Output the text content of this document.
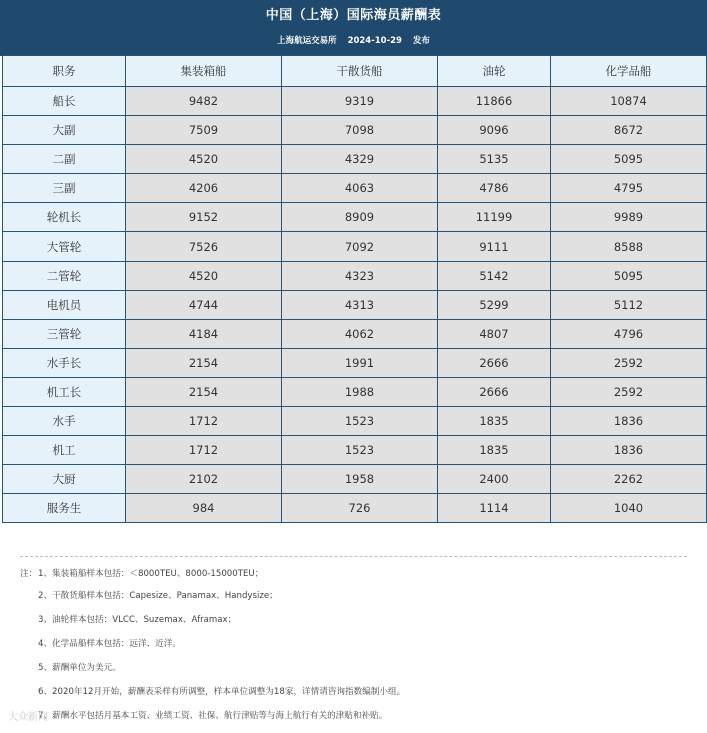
中国（上海）国际海员薪酬表
上海航运交易所 2024-10-29 发布
职务	集装箱船	干散货船	油轮	化学品船
船长	9482	9319	11866	10874
大副	7509	7098	9096	8672
二副	4520	4329	5135	5095
三副	4206	4063	4786	4795
轮机长	9152	8909	11199	9989
大管轮	7526	7092	9111	8588
二管轮	4520	4323	5142	5095
电机员	4744	4313	5299	5112
三管轮	4184	4062	4807	4796
水手长	2154	1991	2666	2592
机工长	2154	1988	2666	2592
水手	1712	1523	1835	1836
机工	1712	1523	1835	1836
大厨	2102	1958	2400	2262
服务生	984	726	1114	1040
注： 1、集装箱船样本包括：＜8000TEU、8000-15000TEU；
2、干散货船样本包括：Capesize、Panamax、Handysize；
3、油轮样本包括：VLCC、Suzemax、Aframax；
4、化学品船样本包括：远洋、近洋。
5、薪酬单位为美元。
6、2020年12月开始，薪酬表采样有所调整，样本单位调整为18家，详情请咨询指数编制小组。
7、薪酬水平包括月基本工资、业绩工资、社保、航行津贴等与海上航行有关的津贴和补贴。
大众新闻
